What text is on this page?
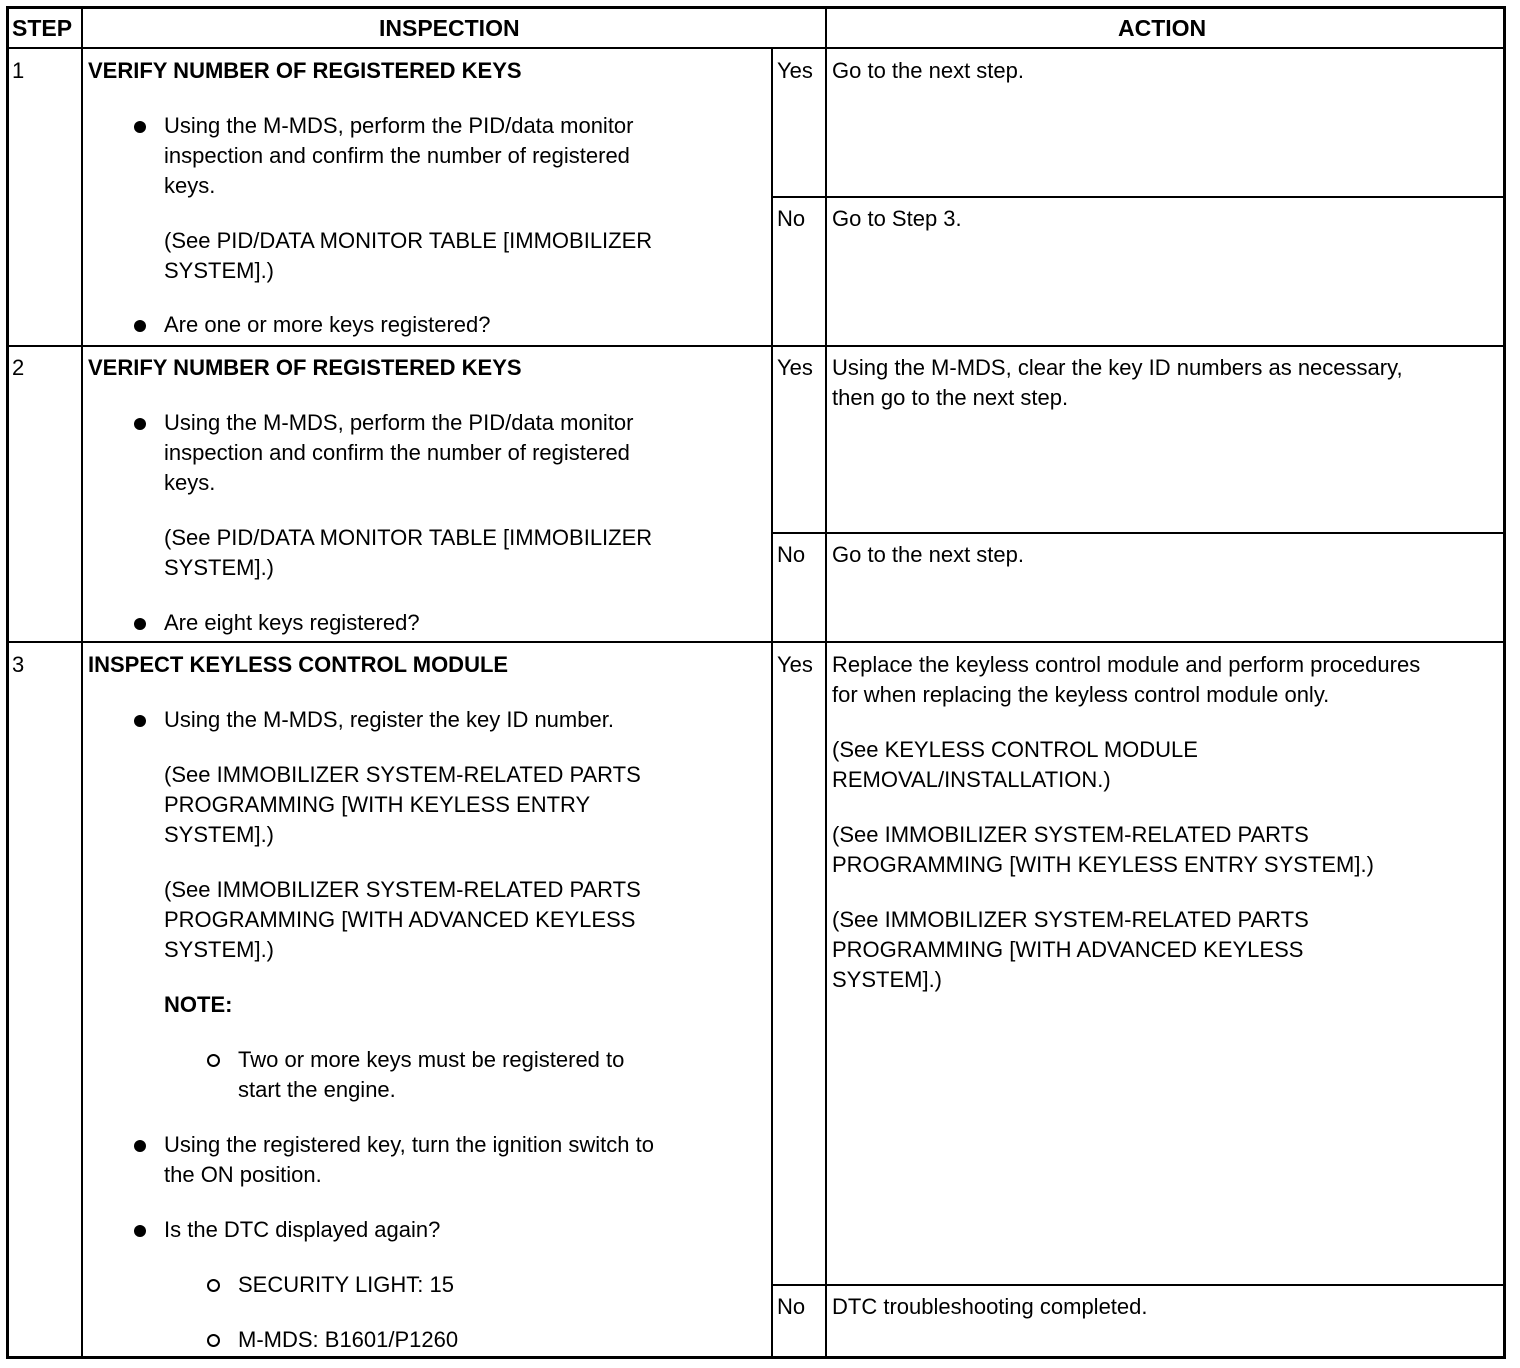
STEP	INSPECTION	ACTION
1	VERIFY NUMBER OF REGISTERED KEYS
Using the M-MDS, perform the PID/data monitor
inspection and confirm the number of registered
keys.
(See PID/DATA MONITOR TABLE [IMMOBILIZER
SYSTEM].)
Are one or more keys registered?
Yes Go to the next step.
No Go to Step 3.
2	VERIFY NUMBER OF REGISTERED KEYS
Using the M-MDS, perform the PID/data monitor
inspection and confirm the number of registered
keys.
(See PID/DATA MONITOR TABLE [IMMOBILIZER
SYSTEM].)
Are eight keys registered?
Yes Using the M-MDS, clear the key ID numbers as necessary,
then go to the next step.
No Go to the next step.
3	INSPECT KEYLESS CONTROL MODULE
Using the M-MDS, register the key ID number.
(See IMMOBILIZER SYSTEM-RELATED PARTS
PROGRAMMING [WITH KEYLESS ENTRY
SYSTEM].)
(See IMMOBILIZER SYSTEM-RELATED PARTS
PROGRAMMING [WITH ADVANCED KEYLESS
SYSTEM].)
NOTE:
Two or more keys must be registered to
start the engine.
Using the registered key, turn the ignition switch to
the ON position.
Is the DTC displayed again?
SECURITY LIGHT: 15
M-MDS: B1601/P1260
Yes Replace the keyless control module and perform procedures
for when replacing the keyless control module only.
(See KEYLESS CONTROL MODULE
REMOVAL/INSTALLATION.)
(See IMMOBILIZER SYSTEM-RELATED PARTS
PROGRAMMING [WITH KEYLESS ENTRY SYSTEM].)
(See IMMOBILIZER SYSTEM-RELATED PARTS
PROGRAMMING [WITH ADVANCED KEYLESS
SYSTEM].)
No DTC troubleshooting completed.
